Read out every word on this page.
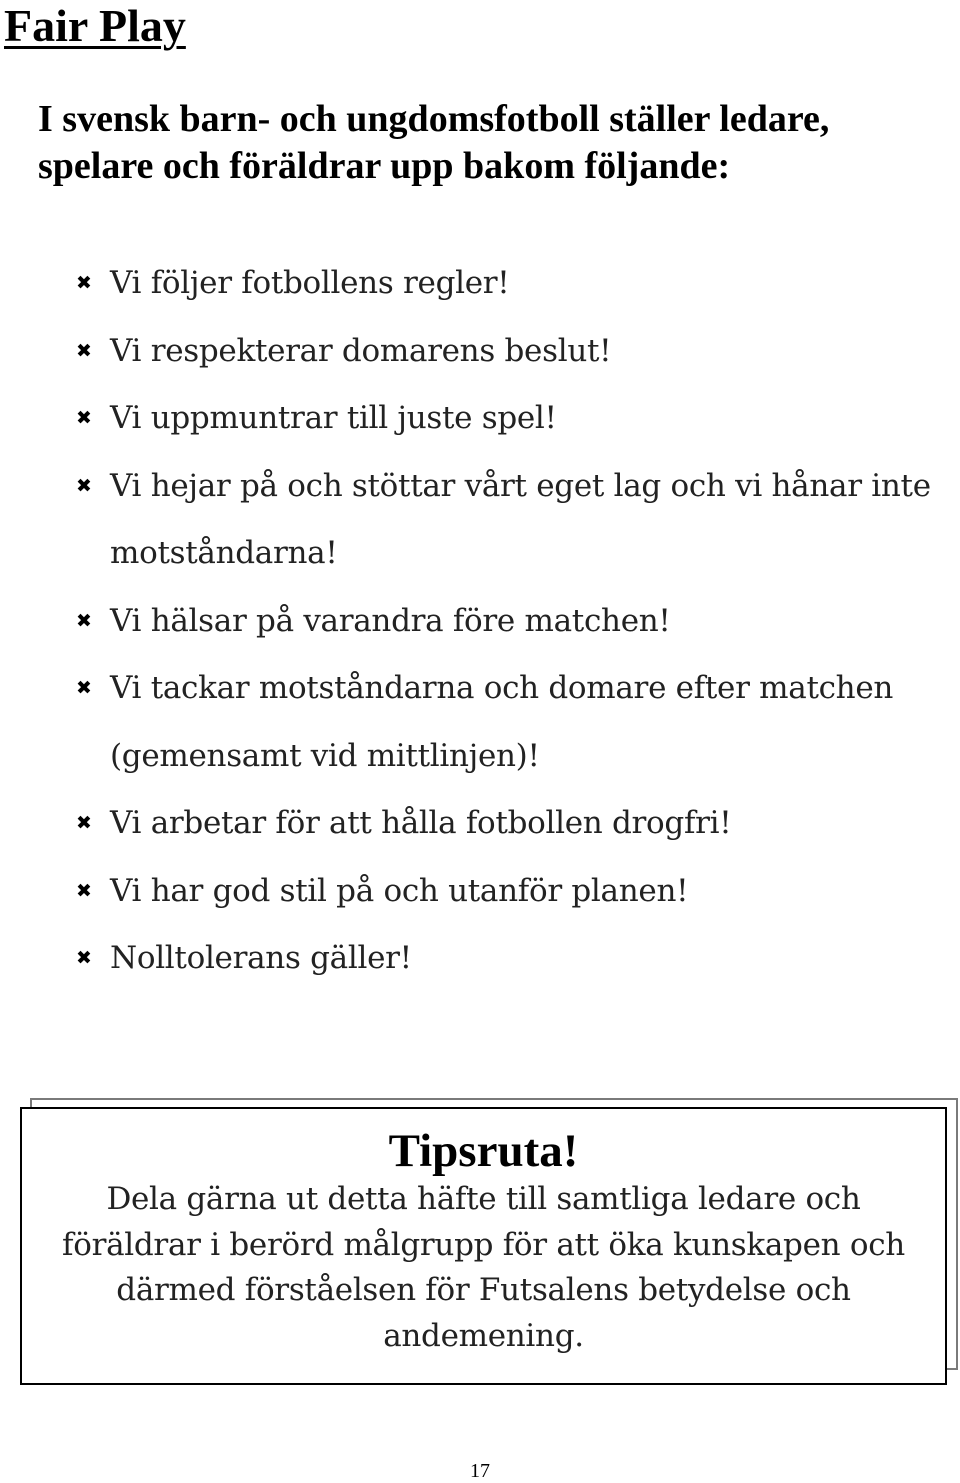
Fair Play

I svensk barn- och ungdomsfotboll ställer ledare, spelare och föräldrar upp bakom följande:

✖ Vi följer fotbollens regler!
✖ Vi respekterar domarens beslut!
✖ Vi uppmuntrar till juste spel!
✖ Vi hejar på och stöttar vårt eget lag och vi hånar inte motståndarna!
✖ Vi hälsar på varandra före matchen!
✖ Vi tackar motståndarna och domare efter matchen (gemensamt vid mittlinjen)!
✖ Vi arbetar för att hålla fotbollen drogfri!
✖ Vi har god stil på och utanför planen!
✖ Nolltolerans gäller!
Tipsruta!

Dela gärna ut detta häfte till samtliga ledare och föräldrar i berörd målgrupp för att öka kunskapen och därmed förståelsen för Futsalens betydelse och andemening.

17
